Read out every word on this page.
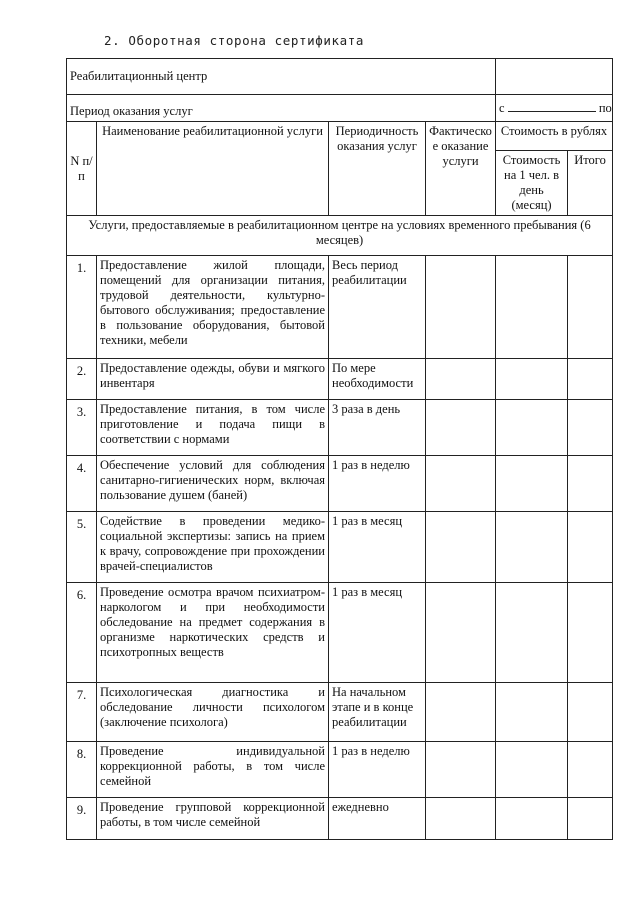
2. Оборотная сторона сертификата
Реабилитационный центр					
Период оказания услуг				с по	
N п/п	Наименование реабилитационной услуги	Периодичность оказания услуг	Фактическое оказание услуги	Стоимость в рублях	
				Стоимость на 1 чел. в день (месяц)	Итого
Услуги, предоставляемые в реабилитационном центре на условиях временного пребывания (6 месяцев)					
1.	Предоставление жилой площади, помещений для организации питания, трудовой деятельности, культурно-бытового обслуживания; предоставление в пользование оборудования, бытовой техники, мебели	Весь период реабилитации			
2.	Предоставление одежды, обуви и мягкого инвентаря	По мере необходимости			
3.	Предоставление питания, в том числе приготовление и подача пищи в соответствии с нормами	3 раза в день			
4.	Обеспечение условий для соблюдения санитарно-гигиенических норм, включая пользование душем (баней)	1 раз в неделю			
5.	Содействие в проведении медико-социальной экспертизы: запись на прием к врачу, сопровождение при прохождении врачей-специалистов	1 раз в месяц			
6.	Проведение осмотра врачом психиатром-наркологом и при необходимости обследование на предмет содержания в организме наркотических средств и психотропных веществ	1 раз в месяц			
7.	Психологическая диагностика и обследование личности психологом (заключение психолога)	На начальном этапе и в конце реабилитации			
8.	Проведение индивидуальной коррекционной работы, в том числе семейной	1 раз в неделю			
9.	Проведение групповой коррекционной работы, в том числе семейной	ежедневно			
